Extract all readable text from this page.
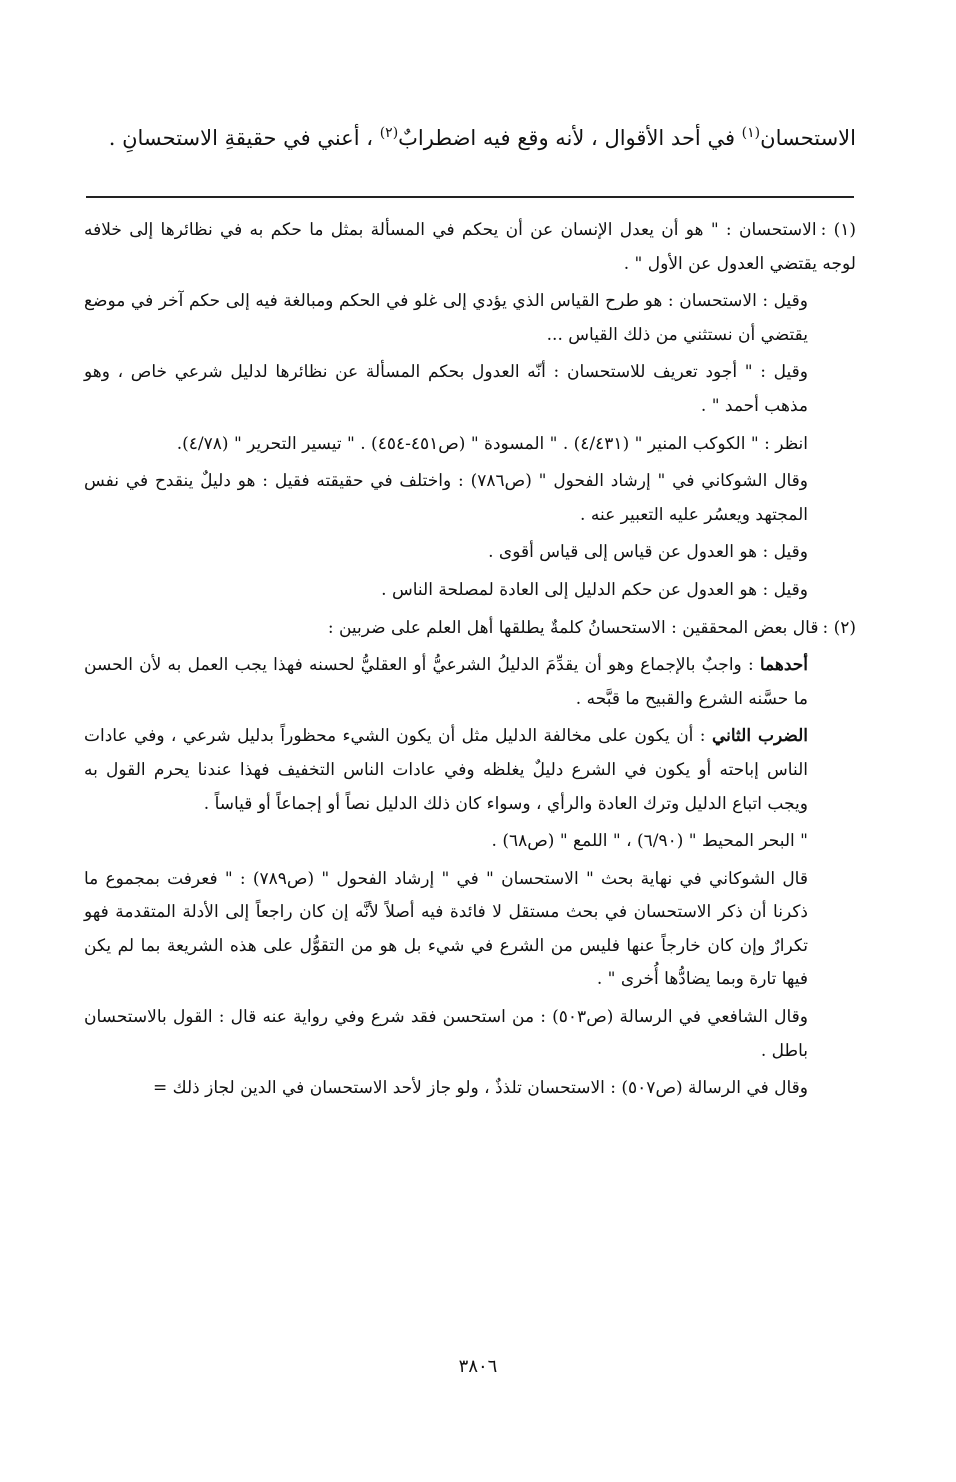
الاستحسان$^{(١)}$ في أحد الأقوال ، لأنه وقع فيه اضطرابٌ$^{(٢)}$ ، أعني في حقيقةِ الاستحسانِ .

(١) :الاستحسان : " هو أن يعدل الإنسان عن أن يحكم في المسألة بمثل ما حكم به في نظائرها إلى خلافه لوجه يقتضي العدول عن الأول " .

وقيل : الاستحسان : هو طرح القياس الذي يؤدي إلى غلو في الحكم ومبالغة فيه إلى حكم آخر في موضع يقتضي أن نستثني من ذلك القياس ...

وقيل : " أجود تعريف للاستحسان : أنّه العدول بحكم المسألة عن نظائرها لدليل شرعي خاص ، وهو مذهب أحمد " .

انظر : " الكوكب المنير " (٤/٤٣١) . " المسودة " (ص٤٥١-٤٥٤) . " تيسير التحرير " (٤/٧٨).

وقال الشوكاني في " إرشاد الفحول " (ص٧٨٦) : واختلف في حقيقته فقيل : هو دليلٌ ينقدح في نفس المجتهد ويعسُر عليه التعبير عنه .

وقيل : هو العدول عن قياس إلى قياس أقوى .

وقيل : هو العدول عن حكم الدليل إلى العادة لمصلحة الناس .

(٢) :قال بعض المحققين : الاستحسانُ كلمةٌ يطلقها أهل العلم على ضربين :

أحدهما : واجبٌ بالإجماع وهو أن يقدِّمَ الدليلُ الشرعيُّ أو العقليُّ لحسنه فهذا يجب العمل به لأن الحسن ما حسَّنه الشرع والقبيح ما قبَّحه .

الضرب الثاني : أن يكون على مخالفة الدليل مثل أن يكون الشيء محظوراً بدليل شرعي ، وفي عادات الناس إباحته أو يكون في الشرع دليلٌ يغلظه وفي عادات الناس التخفيف فهذا عندنا يحرم القول به ويجب اتباع الدليل وترك العادة والرأي ، وسواء كان ذلك الدليل نصاً أو إجماعاً أو قياساً .

" البحر المحيط " (٦/٩٠) ، " اللمع " (ص٦٨) .

قال الشوكاني في نهاية بحث " الاستحسان " في " إرشاد الفحول " (ص٧٨٩) : " فعرفت بمجموع ما ذكرنا أن ذكر الاستحسان في بحث مستقل لا فائدة فيه أصلاً لأنَّه إن كان راجعاً إلى الأدلة المتقدمة فهو تكرارٌ وإن كان خارجاً عنها فليس من الشرع في شيء بل هو من التقوُّل على هذه الشريعة بما لم يكن فيها تارة وبما يضادُّها أُخرى " .

وقال الشافعي في الرسالة (ص٥٠٣) : من استحسن فقد شرع وفي رواية عنه قال : القول بالاستحسان باطل .

وقال في الرسالة (ص٥٠٧) : الاستحسان تلذذٌ ، ولو جاز لأحد الاستحسان في الدين لجاز ذلك =

٣٨٠٦
